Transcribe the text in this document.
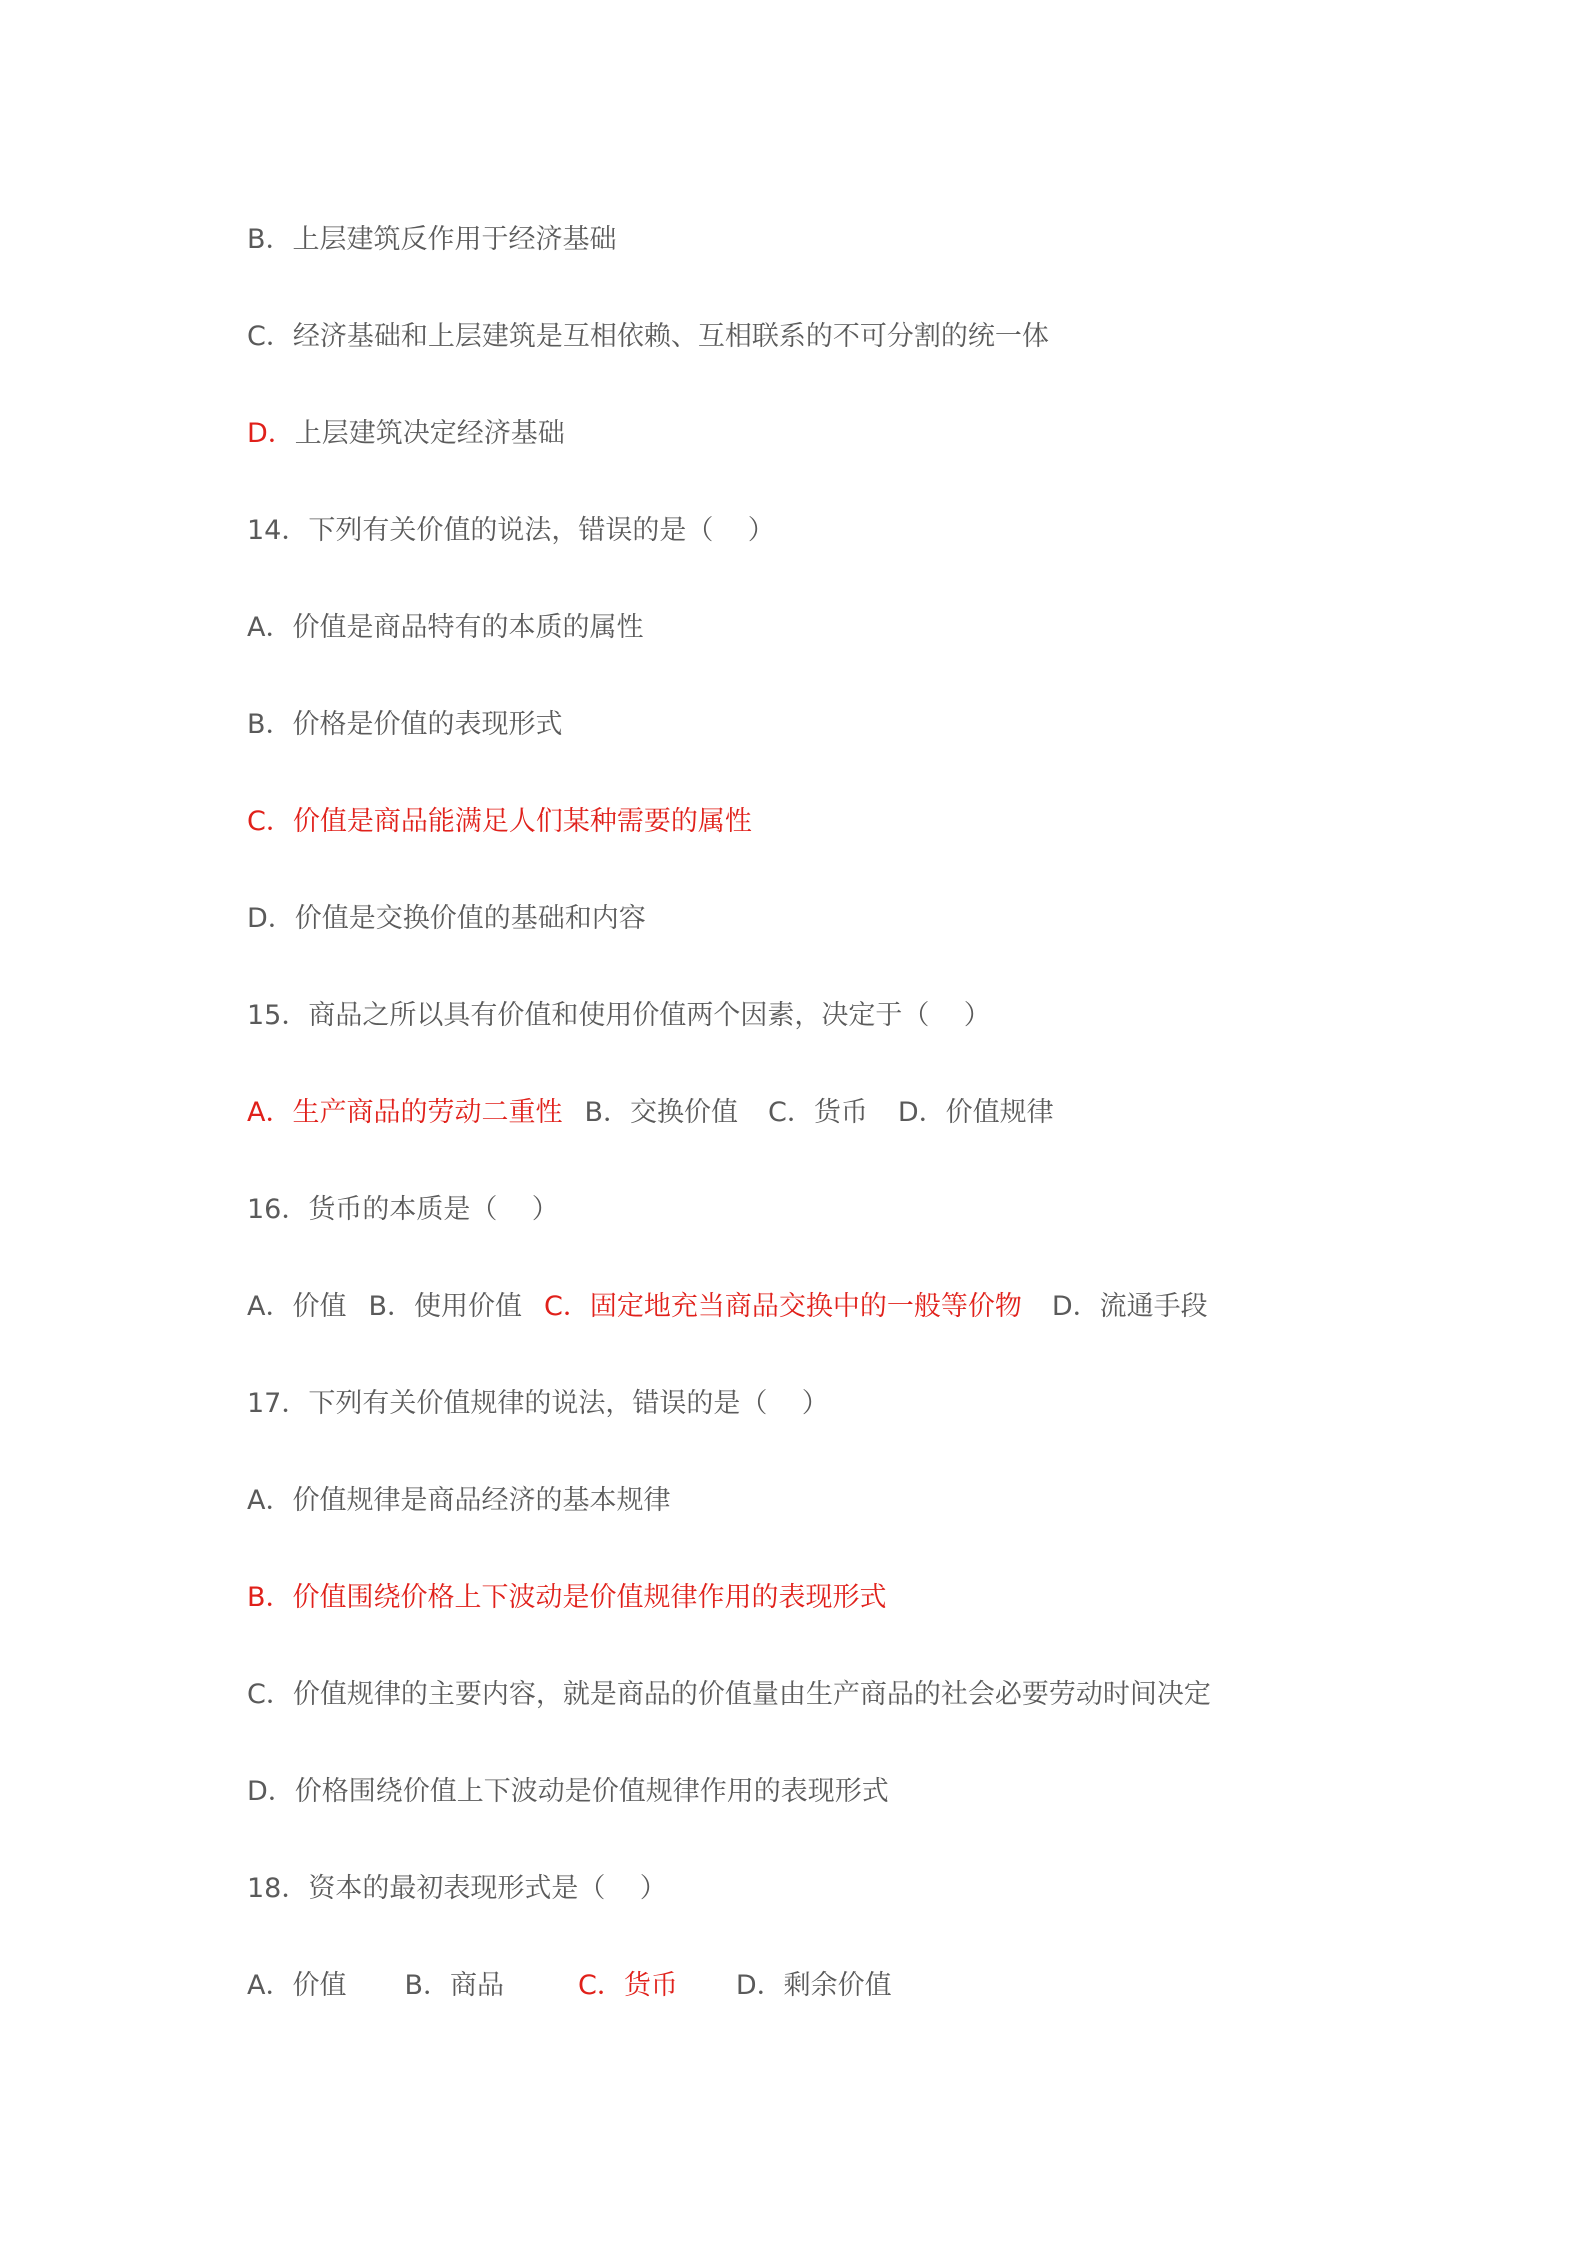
B．上层建筑反作用于经济基础
C．经济基础和上层建筑是互相依赖、互相联系的不可分割的统一体
D．上层建筑决定经济基础
14．下列有关价值的说法，错误的是（    ）
A．价值是商品特有的本质的属性
B．价格是价值的表现形式
C．价值是商品能满足人们某种需要的属性
D．价值是交换价值的基础和内容
15．商品之所以具有价值和使用价值两个因素，决定于（    ）
A．生产商品的劳动二重性 B．交换价值 C．货币 D．价值规律
16．货币的本质是（    ）
A．价值 B．使用价值 C．固定地充当商品交换中的一般等价物 D．流通手段
17．下列有关价值规律的说法，错误的是（    ）
A．价值规律是商品经济的基本规律
B．价值围绕价格上下波动是价值规律作用的表现形式
C．价值规律的主要内容，就是商品的价值量由生产商品的社会必要劳动时间决定
D．价格围绕价值上下波动是价值规律作用的表现形式
18．资本的最初表现形式是（    ）
A．价值 B．商品	C．货币 D．剩余价值
